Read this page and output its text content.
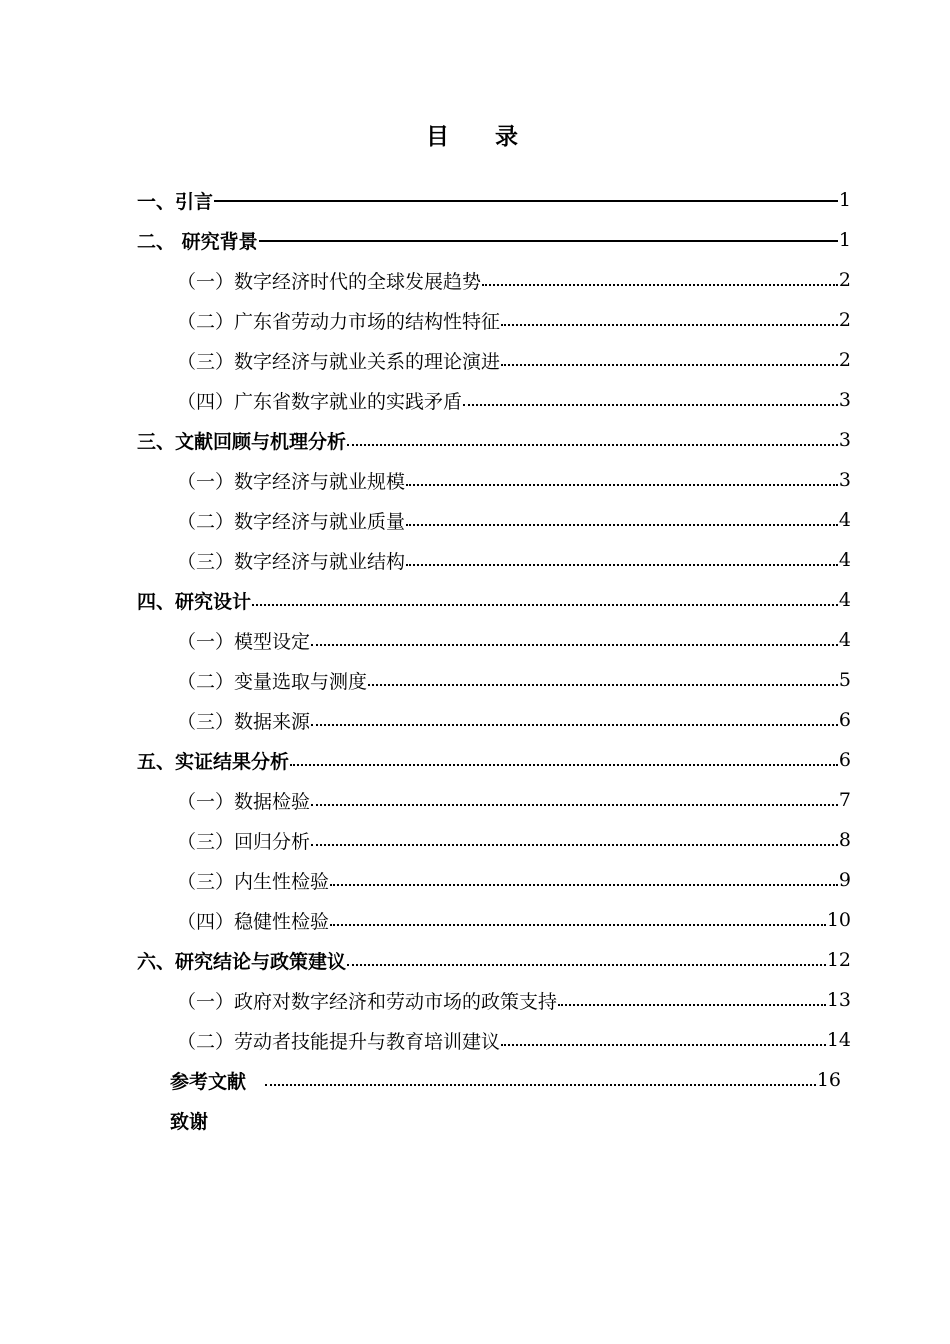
目录
一、引言	1
二、 研究背景	1
（一）数字经济时代的全球发展趋势	2
（二）广东省劳动力市场的结构性特征	2
（三）数字经济与就业关系的理论演进	2
（四）广东省数字就业的实践矛盾	3
三、文献回顾与机理分析	3
（一）数字经济与就业规模	3
（二）数字经济与就业质量	4
（三）数字经济与就业结构	4
四、研究设计	4
（一）模型设定	4
（二）变量选取与测度	5
（三）数据来源	6
五、实证结果分析	6
（一）数据检验	7
（三）回归分析	8
（三）内生性检验	9
（四）稳健性检验	10
六、研究结论与政策建议	12
（一）政府对数字经济和劳动市场的政策支持	13
（二）劳动者技能提升与教育培训建议	14
参考文献	16
致谢
